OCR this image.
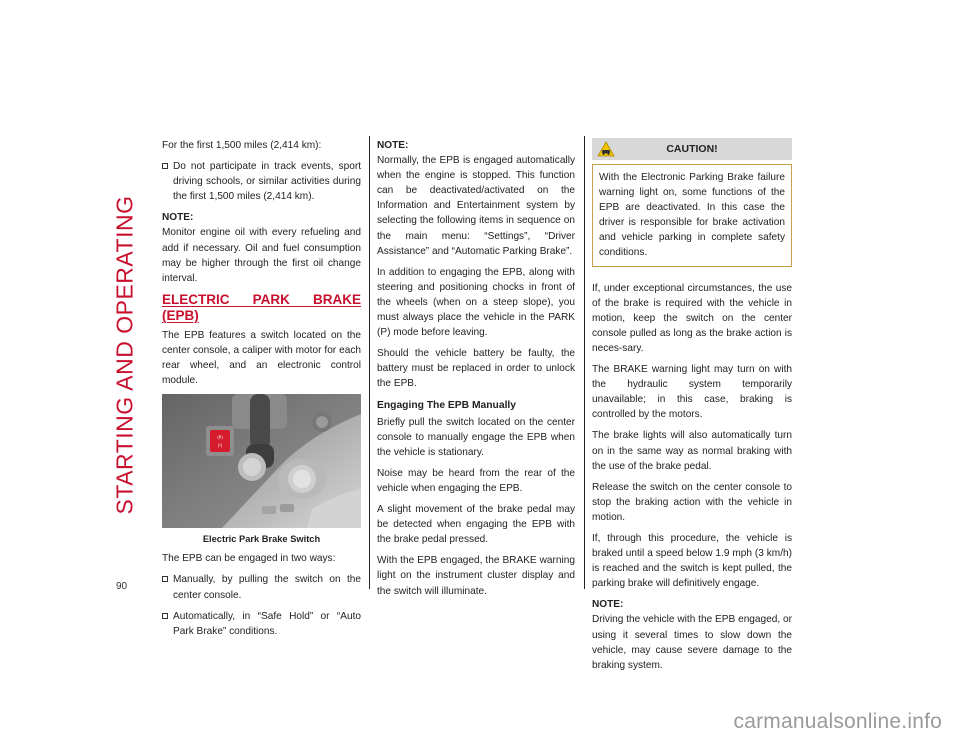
STARTING AND OPERATING
90

For the first 1,500 miles (2,414 km):

Do not participate in track events, sport driving schools, or similar activities during the first 1,500 miles (2,414 km).

NOTE:

Monitor engine oil with every refueling and add if necessary. Oil and fuel consumption may be higher through the first oil change interval.

ELECTRIC PARK BRAKE (EPB)

The EPB features a switch located on the center console, a caliper with motor for each rear wheel, and an electronic control module.

(P)
(!)
Electric Park Brake Switch

The EPB can be engaged in two ways:

Manually, by pulling the switch on the center console.
Automatically, in “Safe Hold” or “Auto Park Brake” conditions.

NOTE:

Normally, the EPB is engaged automatically when the engine is stopped. This function can be deactivated/activated on the Information and Entertainment system by selecting the following items in sequence on the main menu: “Settings”, “Driver Assistance” and “Automatic Parking Brake”.

In addition to engaging the EPB, along with steering and positioning chocks in front of the wheels (when on a steep slope), you must always place the vehicle in the PARK (P) mode before leaving.

Should the vehicle battery be faulty, the battery must be replaced in order to unlock the EPB.

Engaging The EPB Manually

Briefly pull the switch located on the center console to manually engage the EPB when the vehicle is stationary.

Noise may be heard from the rear of the vehicle when engaging the EPB.

A slight movement of the brake pedal may be detected when engaging the EPB with the brake pedal pressed.

With the EPB engaged, the BRAKE warning light on the instrument cluster display and the switch will illuminate.

CAUTION!

With the Electronic Parking Brake failure warning light on, some functions of the EPB are deactivated. In this case the driver is responsible for brake activation and vehicle parking in complete safety conditions.

If, under exceptional circumstances, the use of the brake is required with the vehicle in motion, keep the switch on the center console pulled as long as the brake action is neces-sary.

The BRAKE warning light may turn on with the hydraulic system temporarily unavailable; in this case, braking is controlled by the motors.

The brake lights will also automatically turn on in the same way as normal braking with the use of the brake pedal.

Release the switch on the center console to stop the braking action with the vehicle in motion.

If, through this procedure, the vehicle is braked until a speed below 1.9 mph (3 km/h) is reached and the switch is kept pulled, the parking brake will definitively engage.

NOTE:

Driving the vehicle with the EPB engaged, or using it several times to slow down the vehicle, may cause severe damage to the braking system.

carmanualsonline.info
